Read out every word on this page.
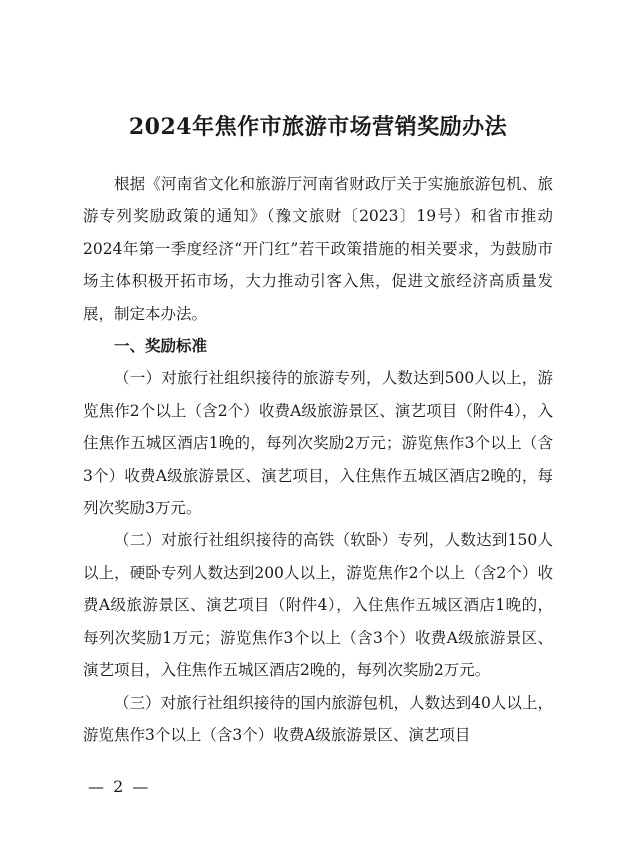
2024年焦作市旅游市场营销奖励办法

根据《河南省文化和旅游厅河南省财政厅关于实施旅游包机、旅游专列奖励政策的通知》（豫文旅财〔2023〕19号）和省市推动2024年第一季度经济“开门红”若干政策措施的相关要求，为鼓励市场主体积极开拓市场，大力推动引客入焦，促进文旅经济高质量发展，制定本办法。

一、奖励标准

（一）对旅行社组织接待的旅游专列，人数达到500人以上，游览焦作2个以上（含2个）收费A级旅游景区、演艺项目（附件4），入住焦作五城区酒店1晚的，每列次奖励2万元；游览焦作3个以上（含3个）收费A级旅游景区、演艺项目，入住焦作五城区酒店2晚的，每列次奖励3万元。

（二）对旅行社组织接待的高铁（软卧）专列，人数达到150人以上，硬卧专列人数达到200人以上，游览焦作2个以上（含2个）收费A级旅游景区、演艺项目（附件4），入住焦作五城区酒店1晚的，每列次奖励1万元；游览焦作3个以上（含3个）收费A级旅游景区、演艺项目，入住焦作五城区酒店2晚的，每列次奖励2万元。

（三）对旅行社组织接待的国内旅游包机，人数达到40人以上，游览焦作3个以上（含3个）收费A级旅游景区、演艺项目

— 2 —
